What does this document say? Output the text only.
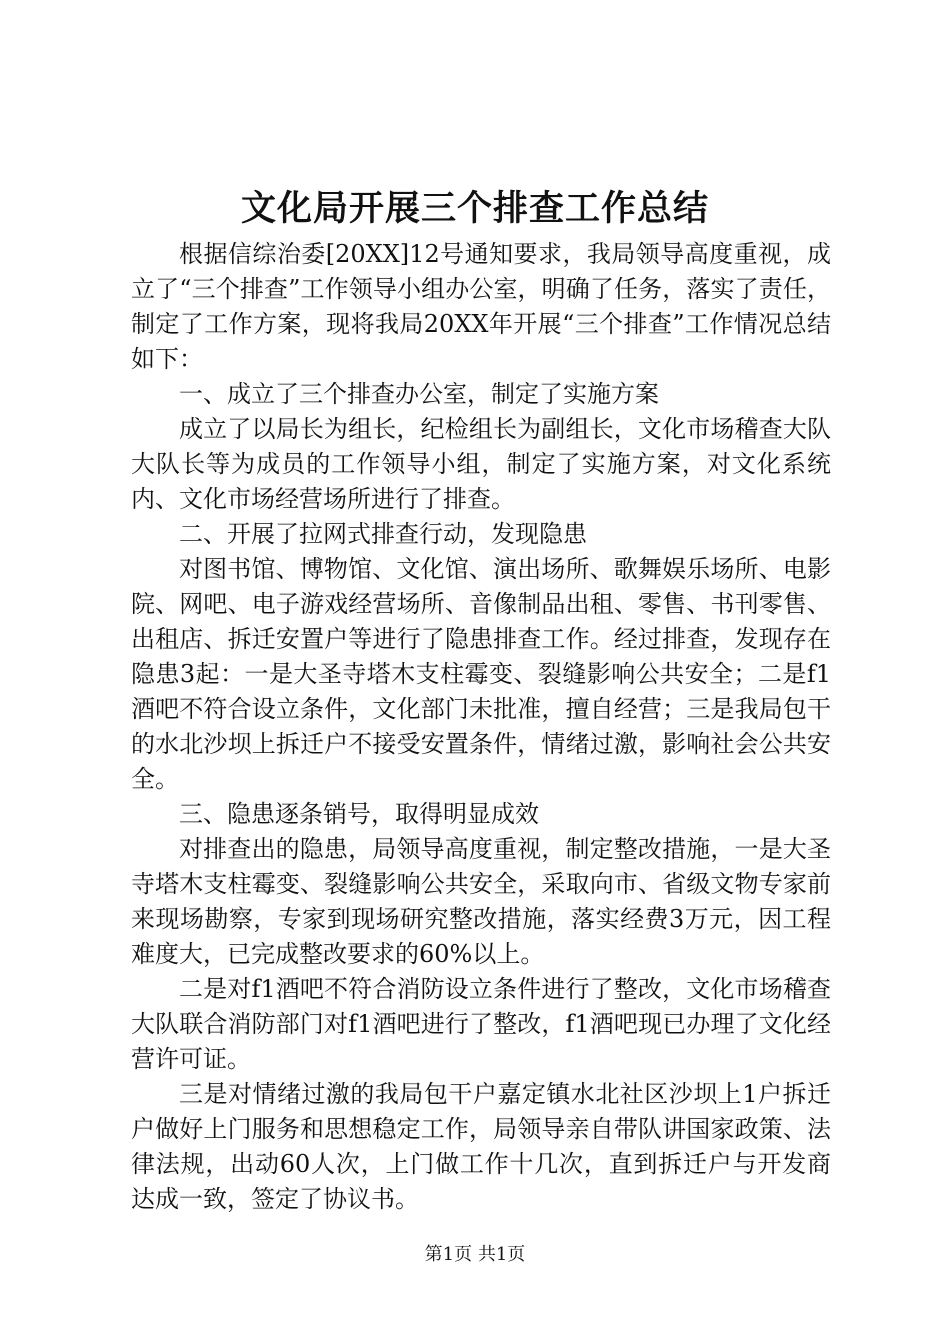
文化局开展三个排查工作总结

根据信综治委[20XX]12号通知要求，我局领导高度重视，成立了“三个排查”工作领导小组办公室，明确了任务，落实了责任，制定了工作方案，现将我局20XX年开展“三个排查”工作情况总结如下：

一、成立了三个排查办公室，制定了实施方案

成立了以局长为组长，纪检组长为副组长，文化市场稽查大队大队长等为成员的工作领导小组，制定了实施方案，对文化系统内、文化市场经营场所进行了排查。

二、开展了拉网式排查行动，发现隐患

对图书馆、博物馆、文化馆、演出场所、歌舞娱乐场所、电影院、网吧、电子游戏经营场所、音像制品出租、零售、书刊零售、出租店、拆迁安置户等进行了隐患排查工作。经过排查，发现存在隐患3起：一是大圣寺塔木支柱霉变、裂缝影响公共安全；二是f1酒吧不符合设立条件，文化部门未批准，擅自经营；三是我局包干的水北沙坝上拆迁户不接受安置条件，情绪过激，影响社会公共安全。

三、隐患逐条销号，取得明显成效

对排查出的隐患，局领导高度重视，制定整改措施，一是大圣寺塔木支柱霉变、裂缝影响公共安全，采取向市、省级文物专家前来现场勘察，专家到现场研究整改措施，落实经费3万元，因工程难度大，已完成整改要求的60%以上。

二是对f1酒吧不符合消防设立条件进行了整改，文化市场稽查大队联合消防部门对f1酒吧进行了整改，f1酒吧现已办理了文化经营许可证。

三是对情绪过激的我局包干户嘉定镇水北社区沙坝上1户拆迁户做好上门服务和思想稳定工作，局领导亲自带队讲国家政策、法律法规，出动60人次，上门做工作十几次，直到拆迁户与开发商达成一致，签定了协议书。

第1页 共1页
